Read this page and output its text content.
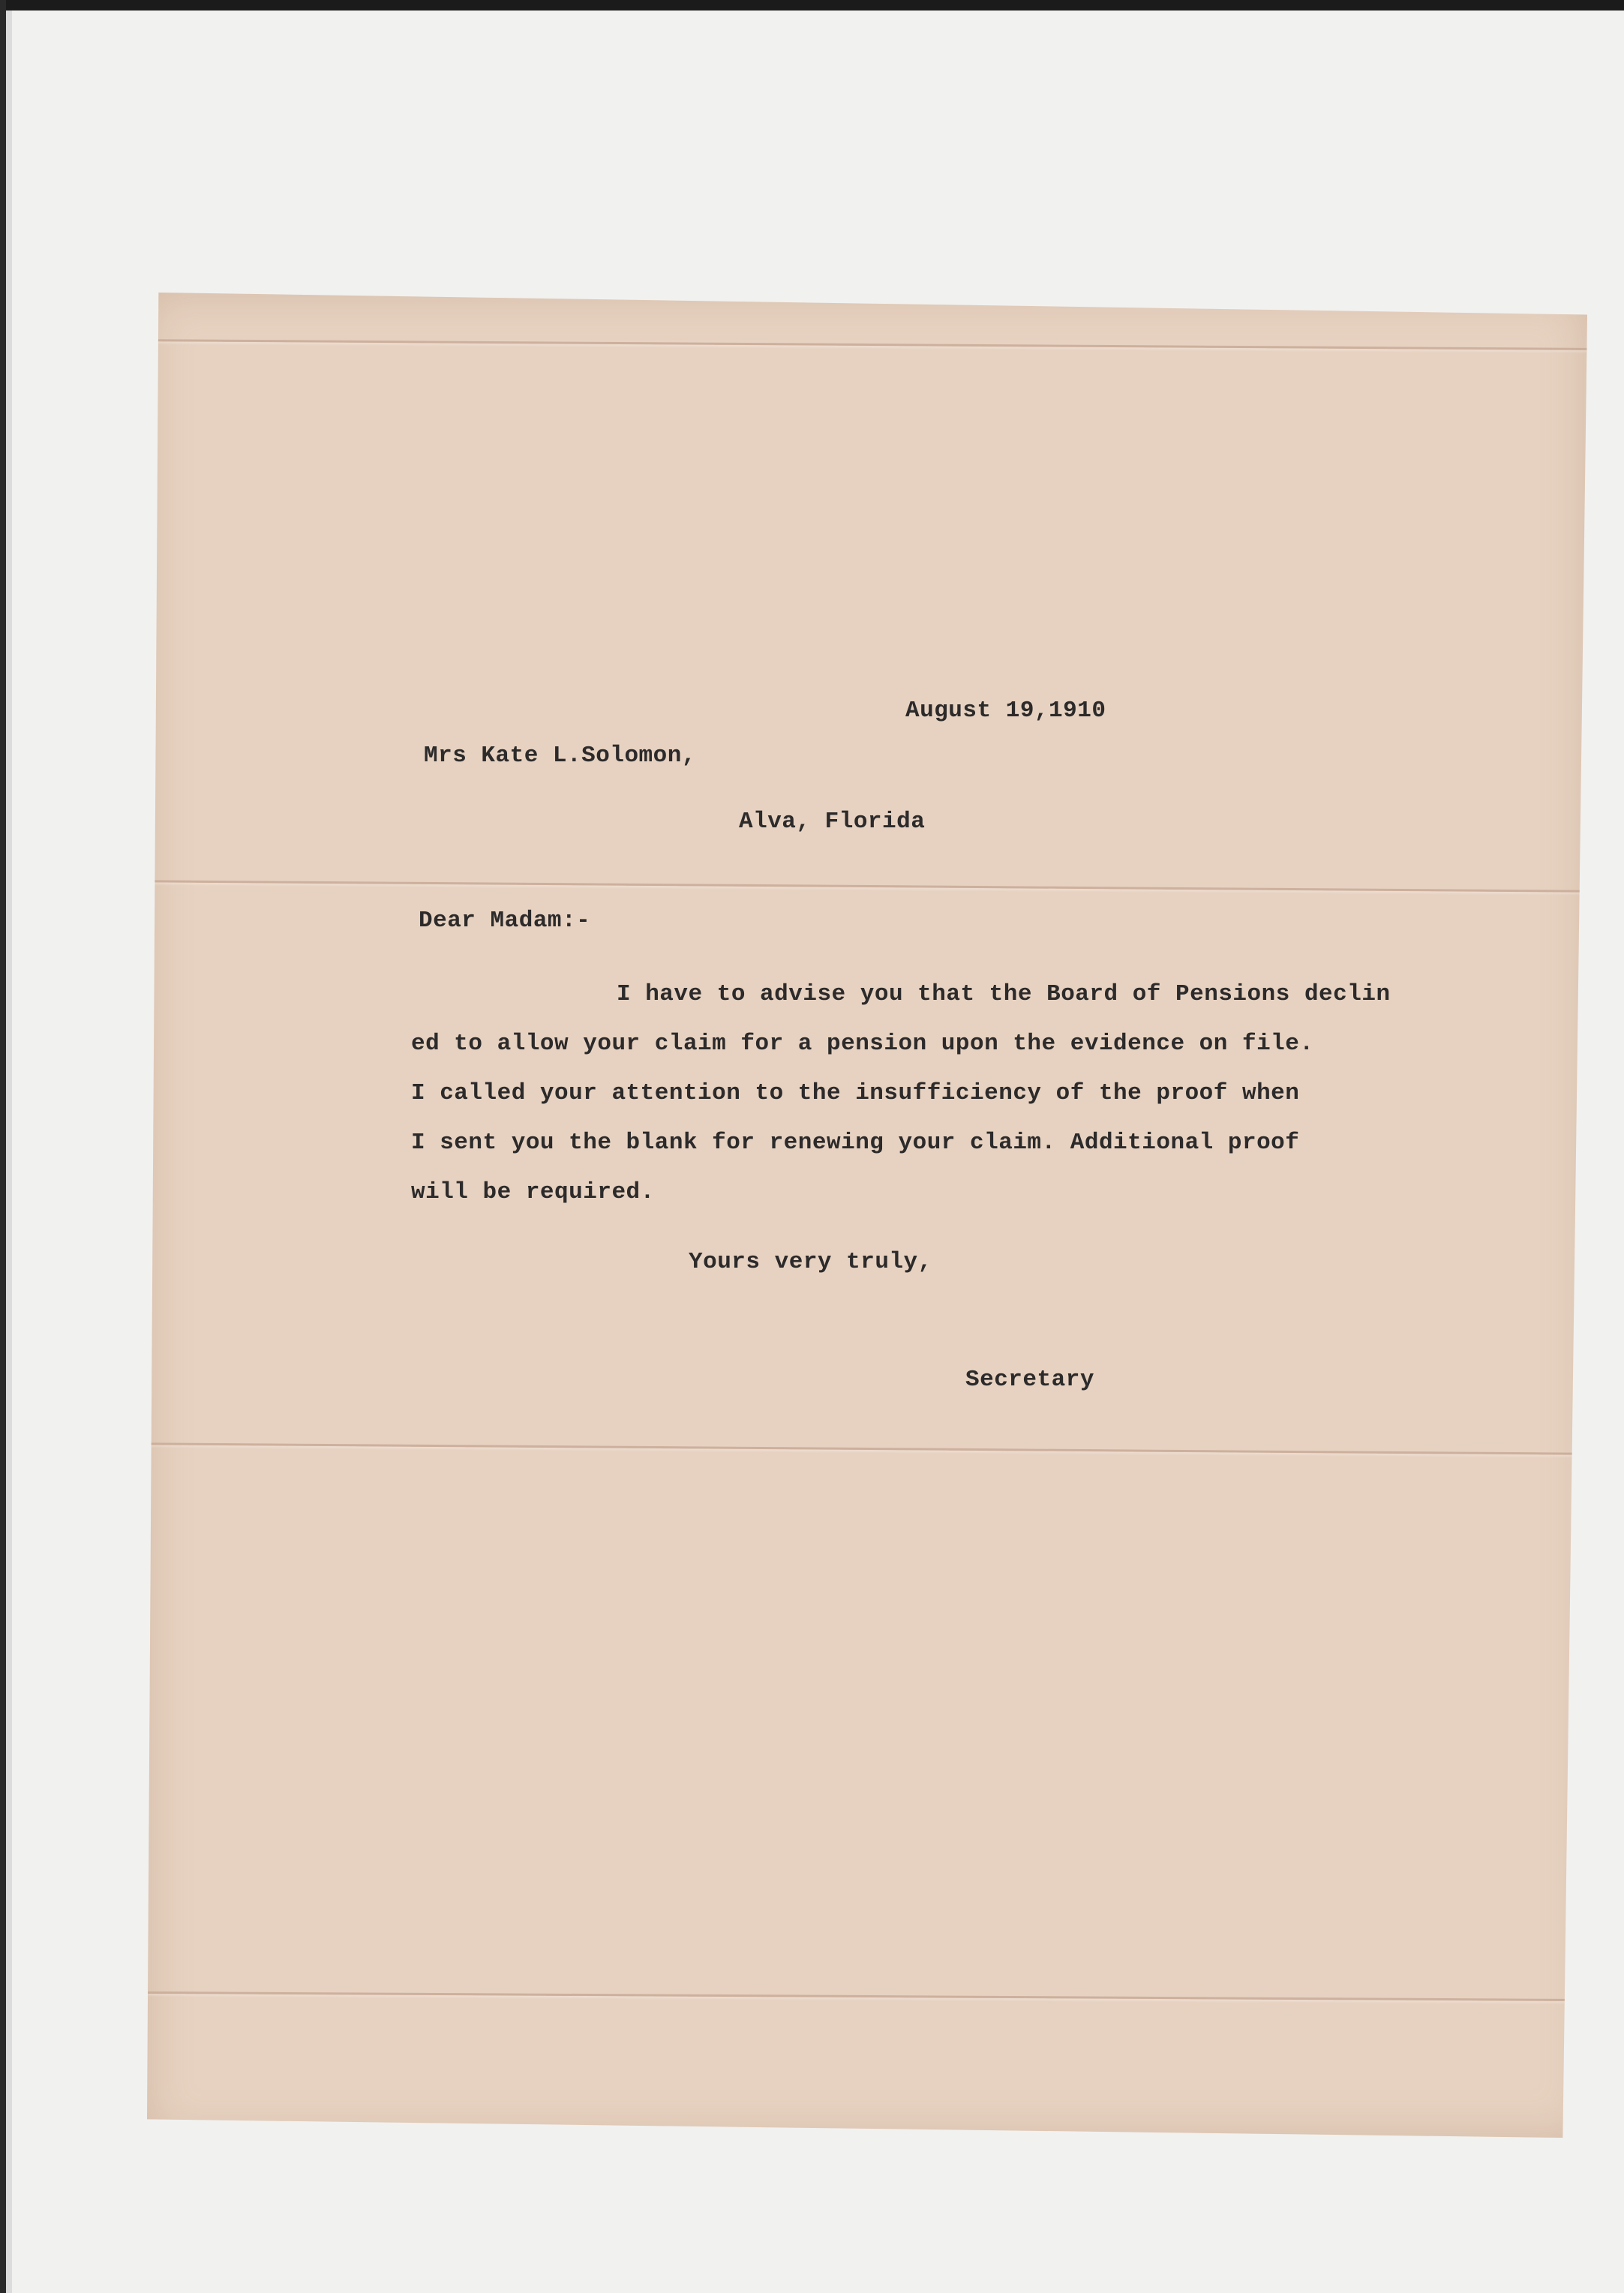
August 19,1910
Mrs Kate L.Solomon,
Alva, Florida
Dear Madam:-
I have to advise you that the Board of Pensions declin
ed to allow your claim for a pension upon the evidence on file.
I called your attention to the insufficiency of the proof when
I sent you the blank for renewing your claim. Additional proof
will be required.
Yours very truly,
Secretary
